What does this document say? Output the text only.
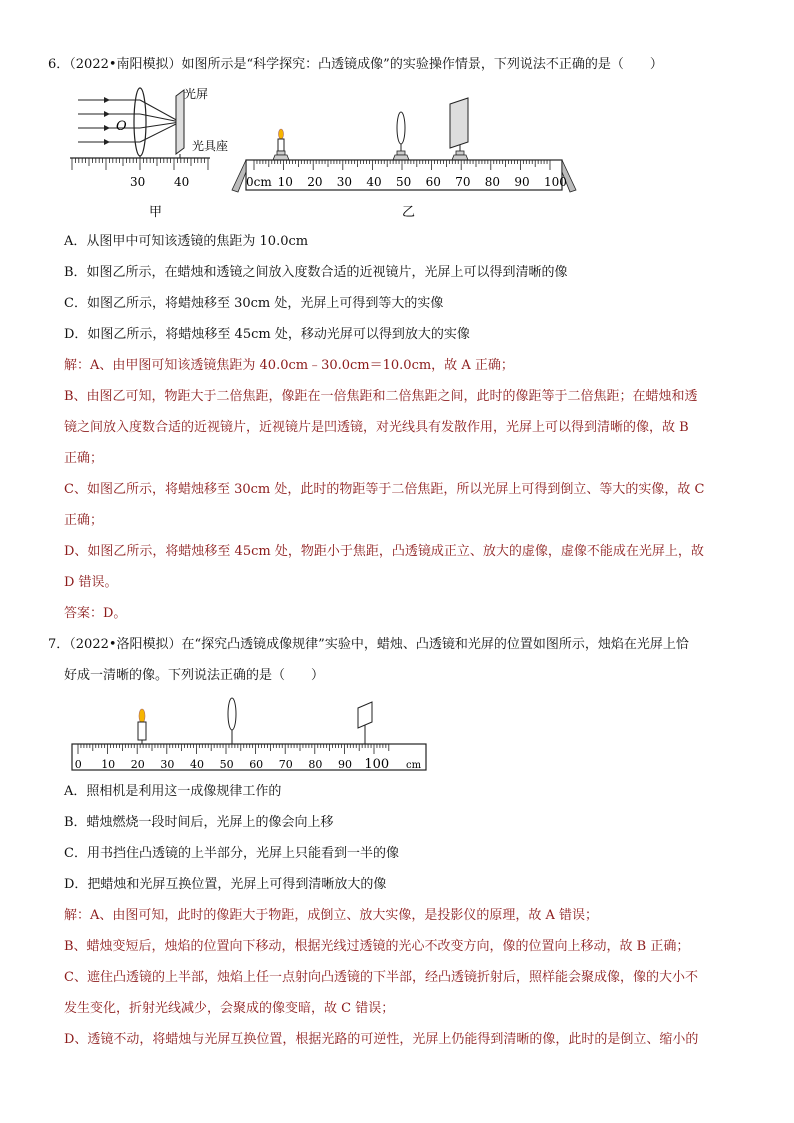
6．（2022•南阳模拟）如图所示是“科学探究：凸透镜成像”的实验操作情景，下列说法不正确的是（　　）
O
光屏
光具座
30 40
甲
0cm 10 20 30 40 50 60 70 80 90 100
乙
A．从图甲中可知该透镜的焦距为 10.0cm
B．如图乙所示，在蜡烛和透镜之间放入度数合适的近视镜片，光屏上可以得到清晰的像
C．如图乙所示，将蜡烛移至 30cm 处，光屏上可得到等大的实像
D．如图乙所示，将蜡烛移至 45cm 处，移动光屏可以得到放大的实像
解：A、由甲图可知该透镜焦距为 40.0cm﹣30.0cm＝10.0cm，故 A 正确；
B、由图乙可知，物距大于二倍焦距，像距在一倍焦距和二倍焦距之间，此时的像距等于二倍焦距；在蜡烛和透
镜之间放入度数合适的近视镜片，近视镜片是凹透镜，对光线具有发散作用，光屏上可以得到清晰的像，故 B
正确；
C、如图乙所示，将蜡烛移至 30cm 处，此时的物距等于二倍焦距，所以光屏上可得到倒立、等大的实像，故 C
正确；
D、如图乙所示，将蜡烛移至 45cm 处，物距小于焦距，凸透镜成正立、放大的虚像，虚像不能成在光屏上，故
D 错误。
答案：D。
7．（2022•洛阳模拟）在“探究凸透镜成像规律”实验中，蜡烛、凸透镜和光屏的位置如图所示，烛焰在光屏上恰
好成一清晰的像。下列说法正确的是（　　）
0 10 20 30 40 50 60 70 80 90 100 cm
A．照相机是利用这一成像规律工作的
B．蜡烛燃烧一段时间后，光屏上的像会向上移
C．用书挡住凸透镜的上半部分，光屏上只能看到一半的像
D．把蜡烛和光屏互换位置，光屏上可得到清晰放大的像
解：A、由图可知，此时的像距大于物距，成倒立、放大实像，是投影仪的原理，故 A 错误；
B、蜡烛变短后，烛焰的位置向下移动，根据光线过透镜的光心不改变方向，像的位置向上移动，故 B 正确；
C、遮住凸透镜的上半部，烛焰上任一点射向凸透镜的下半部，经凸透镜折射后，照样能会聚成像，像的大小不
发生变化，折射光线减少，会聚成的像变暗，故 C 错误；
D、透镜不动，将蜡烛与光屏互换位置，根据光路的可逆性，光屏上仍能得到清晰的像，此时的是倒立、缩小的
